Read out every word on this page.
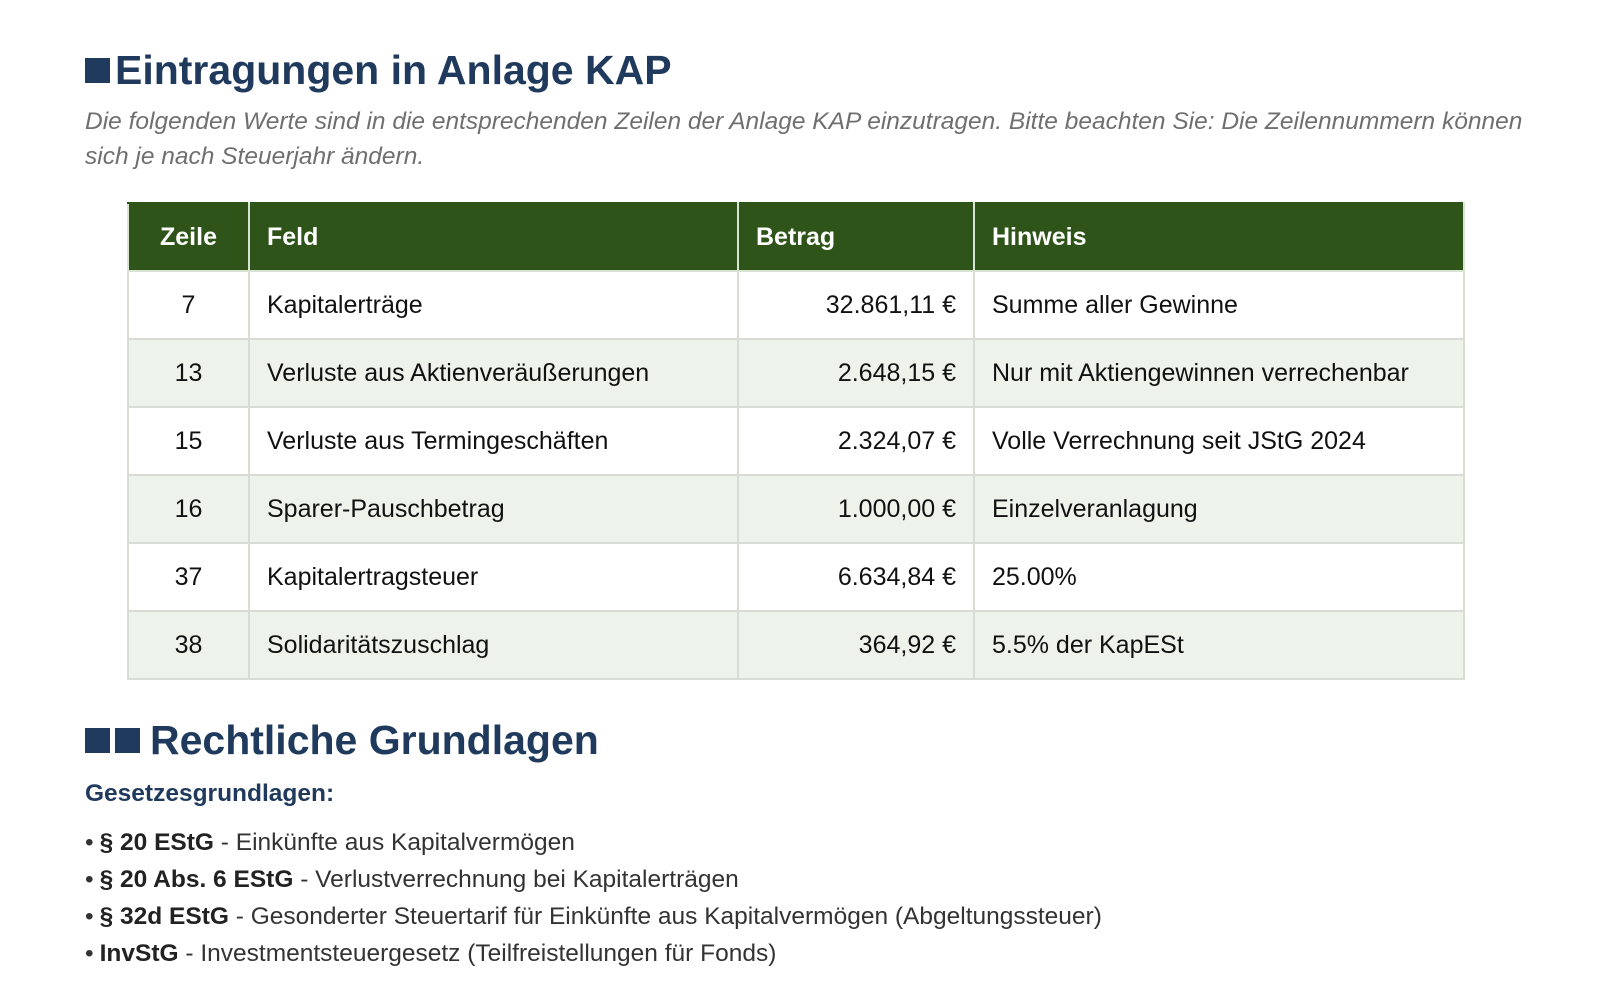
Eintragungen in Anlage KAP

Die folgenden Werte sind in die entsprechenden Zeilen der Anlage KAP einzutragen. Bitte beachten Sie: Die Zeilennummern können sich je nach Steuerjahr ändern.

Zeile	Feld	Betrag	Hinweis
7	Kapitalerträge	32.861,11 €	Summe aller Gewinne
13	Verluste aus Aktienveräußerungen	2.648,15 €	Nur mit Aktiengewinnen verrechenbar
15	Verluste aus Termingeschäften	2.324,07 €	Volle Verrechnung seit JStG 2024
16	Sparer-Pauschbetrag	1.000,00 €	Einzelveranlagung
37	Kapitalertragsteuer	6.634,84 €	25.00%
38	Solidaritätszuschlag	364,92 €	5.5% der KapESt
Rechtliche Grundlagen
Gesetzesgrundlagen:
• § 20 EStG - Einkünfte aus Kapitalvermögen
• § 20 Abs. 6 EStG - Verlustverrechnung bei Kapitalerträgen
• § 32d EStG - Gesonderter Steuertarif für Einkünfte aus Kapitalvermögen (Abgeltungssteuer)
• InvStG - Investmentsteuergesetz (Teilfreistellungen für Fonds)
